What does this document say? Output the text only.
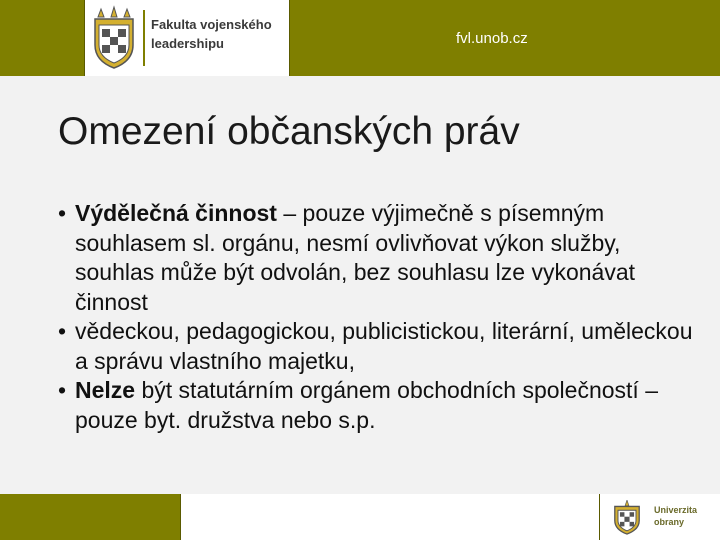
Fakulta vojenského leadershipu	fvl.unob.cz
Omezení občanských práv
• Výdělečná činnost – pouze výjimečně s písemným souhlasem sl. orgánu, nesmí ovlivňovat výkon služby, souhlas může být odvolán, bez souhlasu lze vykonávat činnost
• vědeckou, pedagogickou, publicistickou, literární, uměleckou a správu vlastního majetku,
• Nelze být statutárním orgánem obchodních společností – pouze byt. družstva nebo s.p.
Univerzita obrany
